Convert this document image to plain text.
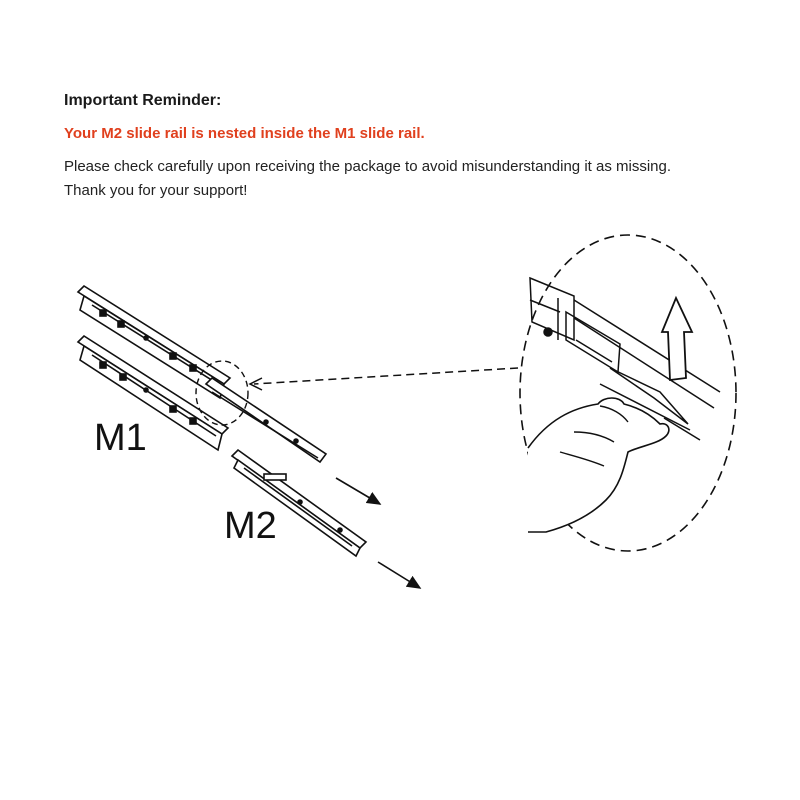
Important Reminder:
Your M2 slide rail is nested inside the M1 slide rail.
Please check carefully upon receiving the package to avoid misunderstanding it as missing.
Thank you for your support!
M1
M2
